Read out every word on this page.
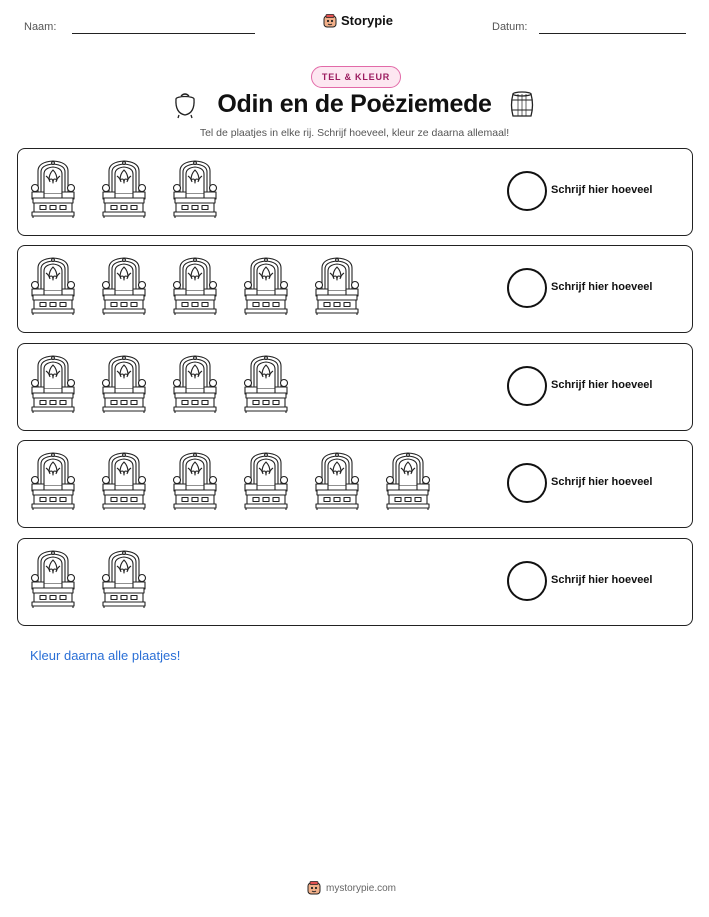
Naam:	Storypie	Datum:
TEL & KLEUR
Odin en de Poëziemede
Tel de plaatjes in elke rij. Schrijf hoeveel, kleur ze daarna allemaal!
Schrijf hier hoeveel
Schrijf hier hoeveel
Schrijf hier hoeveel
Schrijf hier hoeveel
Schrijf hier hoeveel
Kleur daarna alle plaatjes!
mystorypie.com
